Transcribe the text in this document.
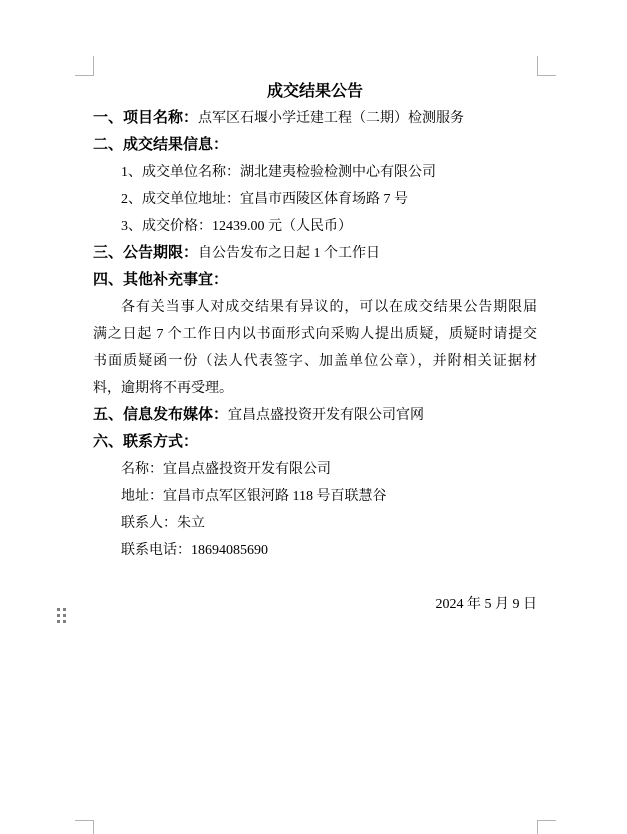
成交结果公告
一、项目名称：点军区石堰小学迁建工程（二期）检测服务
二、成交结果信息：
1、成交单位名称：湖北建夷检验检测中心有限公司
2、成交单位地址：宜昌市西陵区体育场路 7 号
3、成交价格：12439.00 元（人民币）
三、公告期限：自公告发布之日起 1 个工作日
四、其他补充事宜：
各有关当事人对成交结果有异议的，可以在成交结果公告期限届
满之日起 7 个工作日内以书面形式向采购人提出质疑，质疑时请提交
书面质疑函一份（法人代表签字、加盖单位公章），并附相关证据材
料，逾期将不再受理。
五、信息发布媒体：宜昌点盛投资开发有限公司官网
六、联系方式：
名称：宜昌点盛投资开发有限公司
地址：宜昌市点军区银河路 118 号百联慧谷
联系人：朱立
联系电话：18694085690
2024 年 5 月 9 日
